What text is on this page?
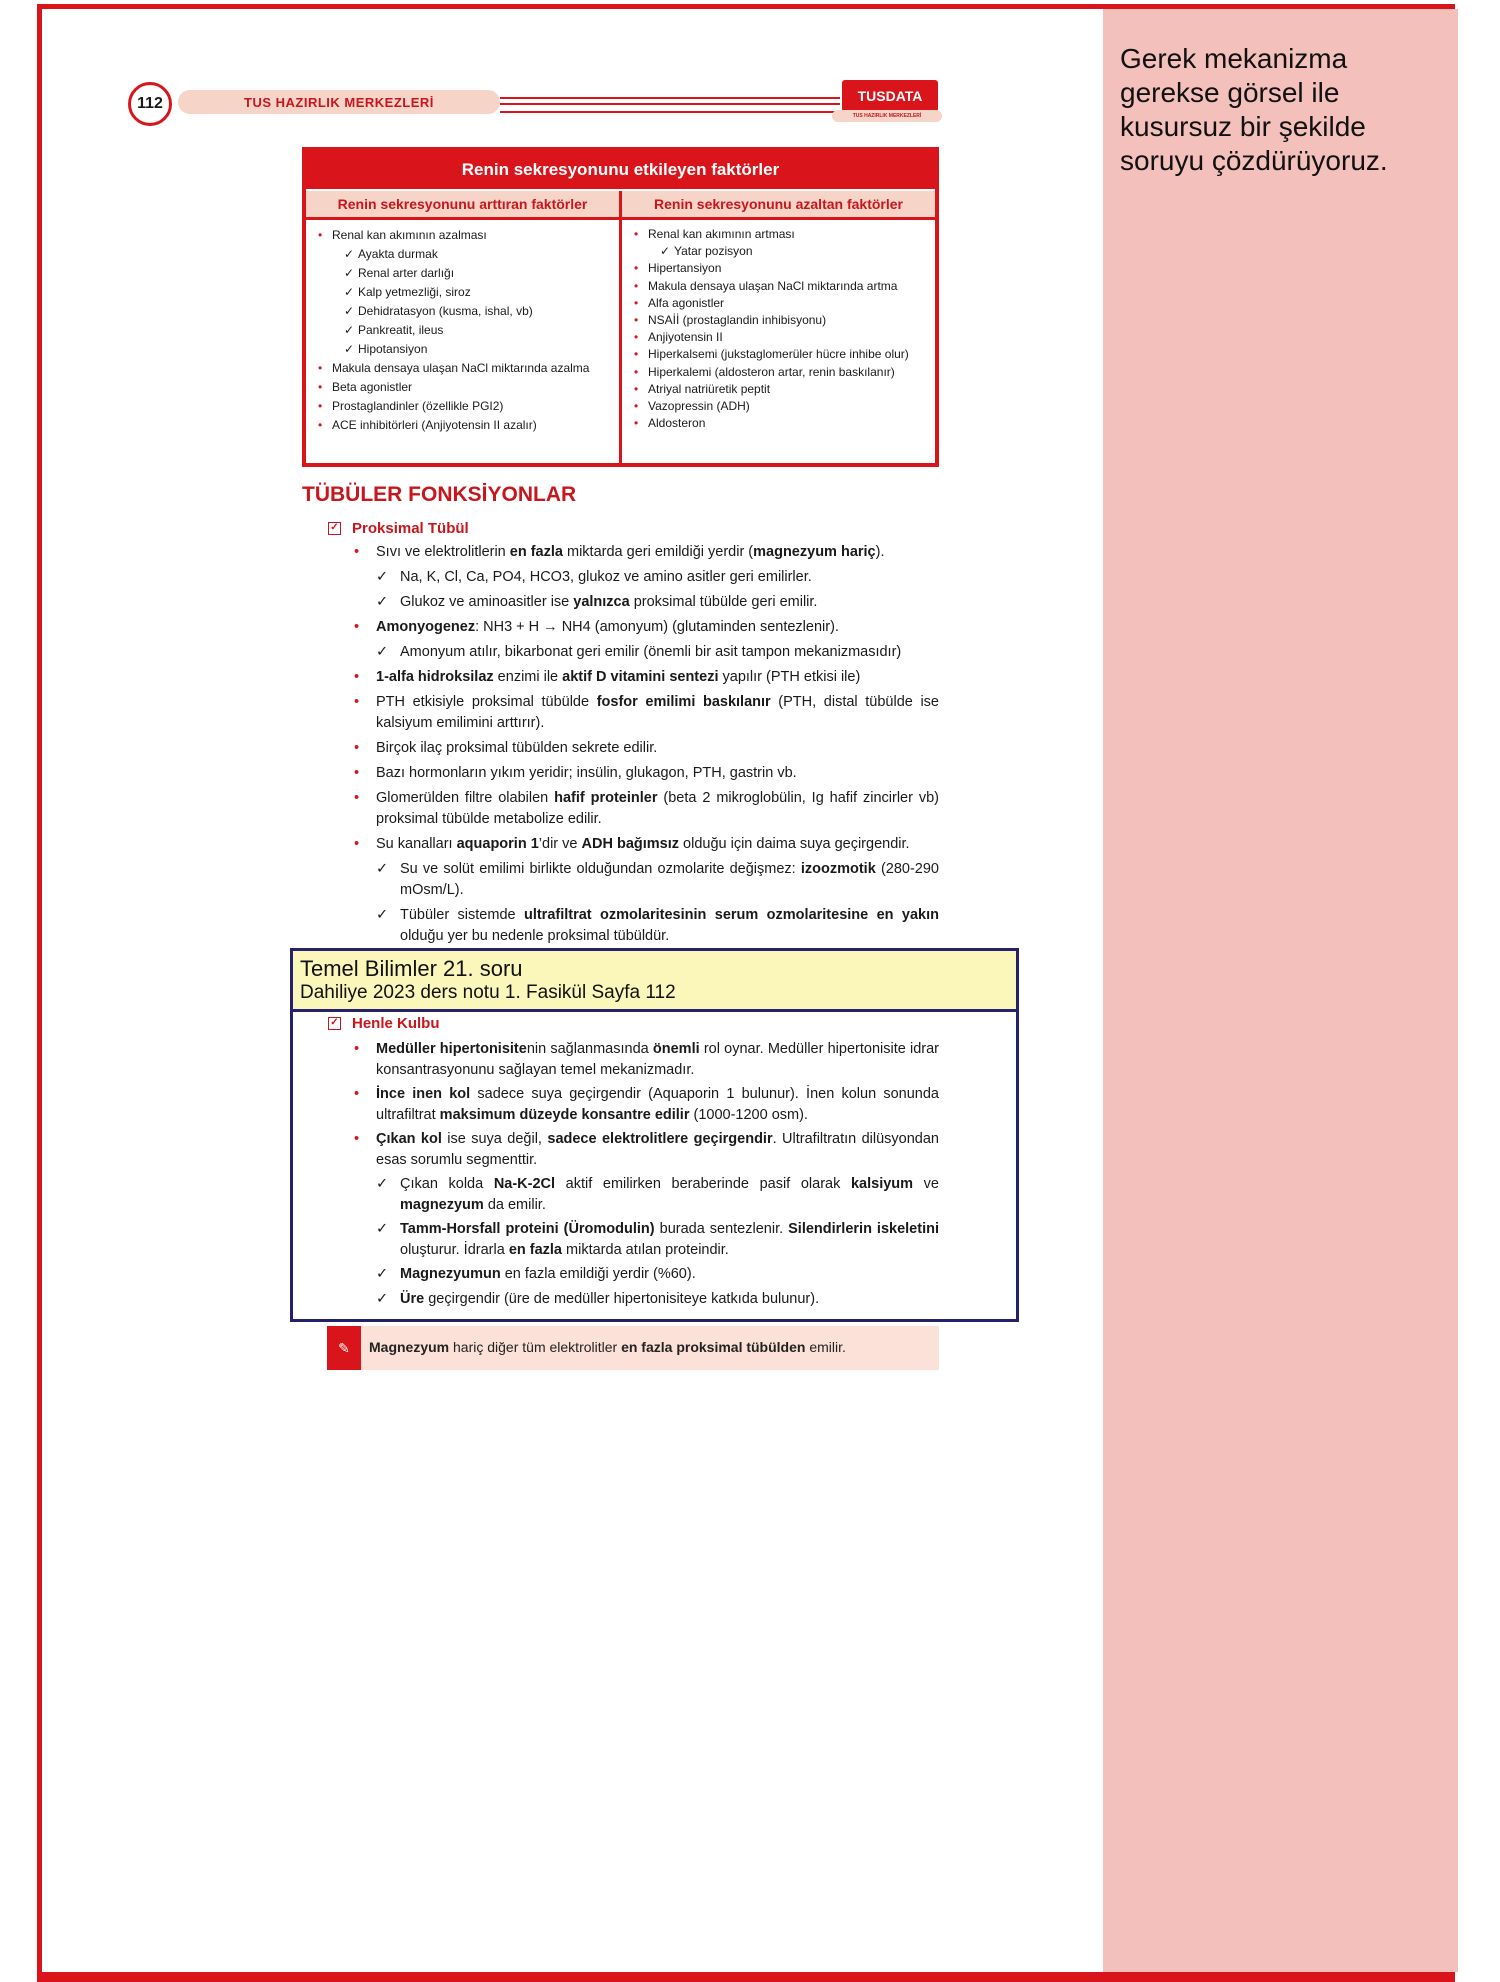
Gerek mekanizma gerekse görsel ile kusursuz bir şekilde soruyu çözdürüyoruz.
112	TUS HAZIRLIK MERKEZLERİ	TUSDATA
TUS HAZIRLIK MERKEZLERİ
Renin sekresyonunu etkileyen faktörler
Renin sekresyonunu arttıran faktörler
• Renal kan akımının azalması
✓ Ayakta durmak
✓ Renal arter darlığı
✓ Kalp yetmezliği, siroz
✓ Dehidratasyon (kusma, ishal, vb)
✓ Pankreatit, ileus
✓ Hipotansiyon
• Makula densaya ulaşan NaCl miktarında azalma
• Beta agonistler
• Prostaglandinler (özellikle PGI2)
• ACE inhibitörleri (Anjiyotensin II azalır)
Renin sekresyonunu azaltan faktörler
• Renal kan akımının artması
✓ Yatar pozisyon
• Hipertansiyon
• Makula densaya ulaşan NaCl miktarında artma
• Alfa agonistler
• NSAİİ (prostaglandin inhibisyonu)
• Anjiyotensin II
• Hiperkalsemi (jukstaglomerüler hücre inhibe olur)
• Hiperkalemi (aldosteron artar, renin baskılanır)
• Atriyal natriüretik peptit
• Vazopressin (ADH)
• Aldosteron
TÜBÜLER FONKSİYONLAR
✓ Proksimal Tübül
• Sıvı ve elektrolitlerin en fazla miktarda geri emildiği yerdir (magnezyum hariç).
✓ Na, K, Cl, Ca, PO4, HCO3, glukoz ve amino asitler geri emilirler.
✓ Glukoz ve aminoasitler ise yalnızca proksimal tübülde geri emilir.
• Amonyogenez: NH3 + H → NH4 (amonyum) (glutaminden sentezlenir).
✓ Amonyum atılır, bikarbonat geri emilir (önemli bir asit tampon mekanizmasıdır)
• 1-alfa hidroksilaz enzimi ile aktif D vitamini sentezi yapılır (PTH etkisi ile)
• PTH etkisiyle proksimal tübülde fosfor emilimi baskılanır (PTH, distal tübülde ise kalsiyum emilimini arttırır).
• Birçok ilaç proksimal tübülden sekrete edilir.
• Bazı hormonların yıkım yeridir; insülin, glukagon, PTH, gastrin vb.
• Glomerülden filtre olabilen hafif proteinler (beta 2 mikroglobülin, Ig hafif zincirler vb) proksimal tübülde metabolize edilir.
• Su kanalları aquaporin 1’dir ve ADH bağımsız olduğu için daima suya geçirgendir.
✓ Su ve solüt emilimi birlikte olduğundan ozmolarite değişmez: izoozmotik (280-290 mOsm/L).
✓ Tübüler sistemde ultrafiltrat ozmolaritesinin serum ozmolaritesine en yakın olduğu yer bu nedenle proksimal tübüldür.
Temel Bilimler 21. soru
Dahiliye 2023 ders notu 1. Fasikül Sayfa 112
✓ Henle Kulbu
• Medüller hipertonisitenin sağlanmasında önemli rol oynar. Medüller hipertonisite idrar konsantrasyonunu sağlayan temel mekanizmadır.
• İnce inen kol sadece suya geçirgendir (Aquaporin 1 bulunur). İnen kolun sonunda ultrafiltrat maksimum düzeyde konsantre edilir (1000-1200 osm).
• Çıkan kol ise suya değil, sadece elektrolitlere geçirgendir. Ultrafiltratın dilüsyondan esas sorumlu segmenttir.
✓ Çıkan kolda Na-K-2Cl aktif emilirken beraberinde pasif olarak kalsiyum ve magnezyum da emilir.
✓ Tamm-Horsfall proteini (Üromodulin) burada sentezlenir. Silendirlerin iskeletini oluşturur. İdrarla en fazla miktarda atılan proteindir.
✓ Magnezyumun en fazla emildiği yerdir (%60).
✓ Üre geçirgendir (üre de medüller hipertonisiteye katkıda bulunur).
✎	Magnezyum hariç diğer tüm elektrolitler en fazla proksimal tübülden emilir.
